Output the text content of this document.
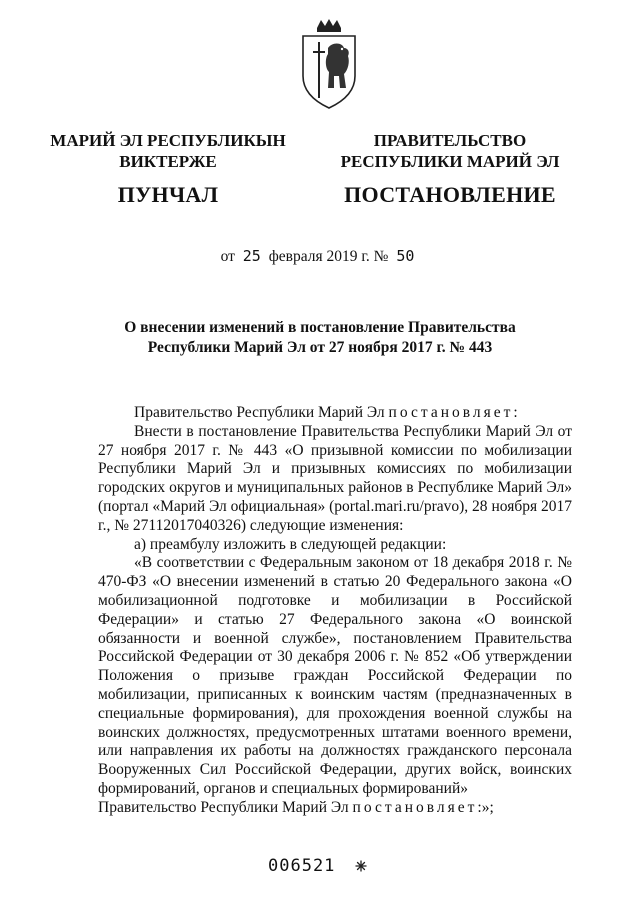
МАРИЙ ЭЛ РЕСПУБЛИКЫН
ВИКТЕРЖЕ
ПУНЧАЛ
ПРАВИТЕЛЬСТВО
РЕСПУБЛИКИ МАРИЙ ЭЛ
ПОСТАНОВЛЕНИЕ
от 25 февраля 2019 г. № 50
О внесении изменений в постановление Правительства
Республики Марий Эл от 27 ноября 2017 г. № 443

Правительство Республики Марий Эл постановляет:

Внести в постановление Правительства Республики Марий Эл от 27 ноября 2017 г. № 443 «О призывной комиссии по мобилизации Республики Марий Эл и призывных комиссиях по мобилизации городских округов и муниципальных районов в Республике Марий Эл» (портал «Марий Эл официальная» (portal.mari.ru/pravo), 28 ноября 2017 г., № 27112017040326) следующие изменения:

а) преамбулу изложить в следующей редакции:

«В соответствии с Федеральным законом от 18 декабря 2018 г. № 470-ФЗ «О внесении изменений в статью 20 Федерального закона «О мобилизационной подготовке и мобилизации в Российской Федерации» и статью 27 Федерального закона «О воинской обязанности и военной службе», постановлением Правительства Российской Федерации от 30 декабря 2006 г. № 852 «Об утверждении Положения о призыве граждан Российской Федерации по мобилизации, приписанных к воинским частям (предназначенных в специальные формирования), для прохождения военной службы на воинских должностях, предусмотренных штатами военного времени, или направления их работы на должностях гражданского персонала Вооруженных Сил Российской Федерации, других войск, воинских формирований, органов и специальных формирований»

Правительство Республики Марий Эл постановляет:»;

006521
